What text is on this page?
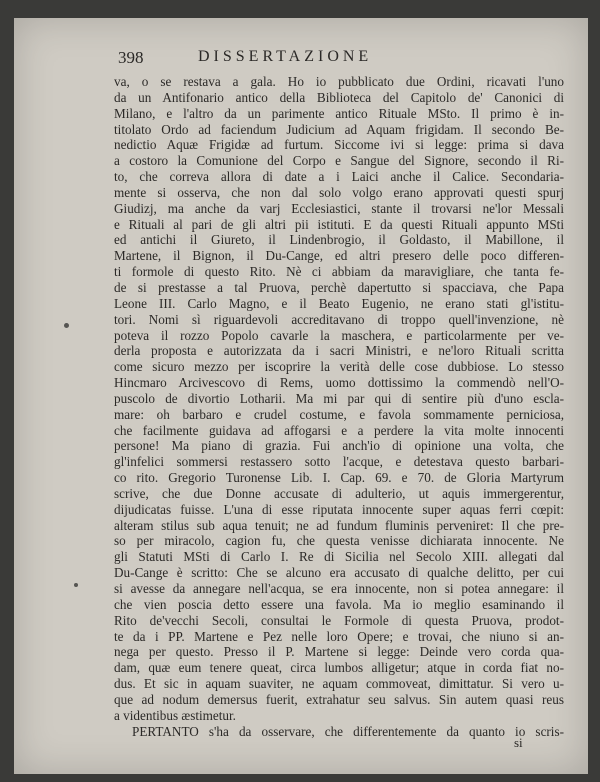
398	DISSERTAZIONE
va, o se restava a gala. Ho io pubblicato due Ordini, ricavati l'uno
da un Antifonario antico della Biblioteca del Capitolo de' Canonici di
Milano, e l'altro da un parimente antico Rituale MSto. Il primo è in-
titolato Ordo ad faciendum Judicium ad Aquam frigidam. Il secondo Be-
nedictio Aquæ Frigidæ ad furtum. Siccome ivi si legge: prima si dava
a costoro la Comunione del Corpo e Sangue del Signore, secondo il Ri-
to, che correva allora di date a i Laici anche il Calice. Secondaria-
mente si osserva, che non dal solo volgo erano approvati questi spurj
Giudizj, ma anche da varj Ecclesiastici, stante il trovarsi ne'lor Messali
e Rituali al pari de gli altri pii istituti. E da questi Rituali appunto MSti
ed antichi il Giureto, il Lindenbrogio, il Goldasto, il Mabillone, il
Martene, il Bignon, il Du-Cange, ed altri presero delle poco differen-
ti formole di questo Rito. Nè ci abbiam da maravigliare, che tanta fe-
de si prestasse a tal Pruova, perchè dapertutto si spacciava, che Papa
Leone III. Carlo Magno, e il Beato Eugenio, ne erano stati gl'istitu-
tori. Nomi sì riguardevoli accreditavano di troppo quell'invenzione, nè
poteva il rozzo Popolo cavarle la maschera, e particolarmente per ve-
derla proposta e autorizzata da i sacri Ministri, e ne'loro Rituali scritta
come sicuro mezzo per iscoprire la verità delle cose dubbiose. Lo stesso
Hincmaro Arcivescovo di Rems, uomo dottissimo la commendò nell'O-
puscolo de divortio Lotharii. Ma mi par qui di sentire più d'uno escla-
mare: oh barbaro e crudel costume, e favola sommamente perniciosa,
che facilmente guidava ad affogarsi e a perdere la vita molte innocenti
persone! Ma piano di grazia. Fui anch'io di opinione una volta, che
gl'infelici sommersi restassero sotto l'acque, e detestava questo barbari-
co rito. Gregorio Turonense Lib. I. Cap. 69. e 70. de Gloria Martyrum
scrive, che due Donne accusate di adulterio, ut aquis immergerentur,
dijudicatas fuisse. L'una di esse riputata innocente super aquas ferri cœpit:
alteram stilus sub aqua tenuit; ne ad fundum fluminis perveniret: Il che pre-
so per miracolo, cagion fu, che questa venisse dichiarata innocente. Ne
gli Statuti MSti di Carlo I. Re di Sicilia nel Secolo XIII. allegati dal
Du-Cange è scritto: Che se alcuno era accusato di qualche delitto, per cui
si avesse da annegare nell'acqua, se era innocente, non si potea annegare: il
che vien poscia detto essere una favola. Ma io meglio esaminando il
Rito de'vecchi Secoli, consultai le Formole di questa Pruova, prodot-
te da i PP. Martene e Pez nelle loro Opere; e trovai, che niuno si an-
nega per questo. Presso il P. Martene si legge: Deinde vero corda qua-
dam, quæ eum tenere queat, circa lumbos alligetur; atque in corda fiat no-
dus. Et sic in aquam suaviter, ne aquam commoveat, dimittatur. Si vero u-
que ad nodum demersus fuerit, extrahatur seu salvus. Sin autem quasi reus
a videntibus æstimetur.
PERTANTO s'ha da osservare, che differentemente da quanto io scris-
si
